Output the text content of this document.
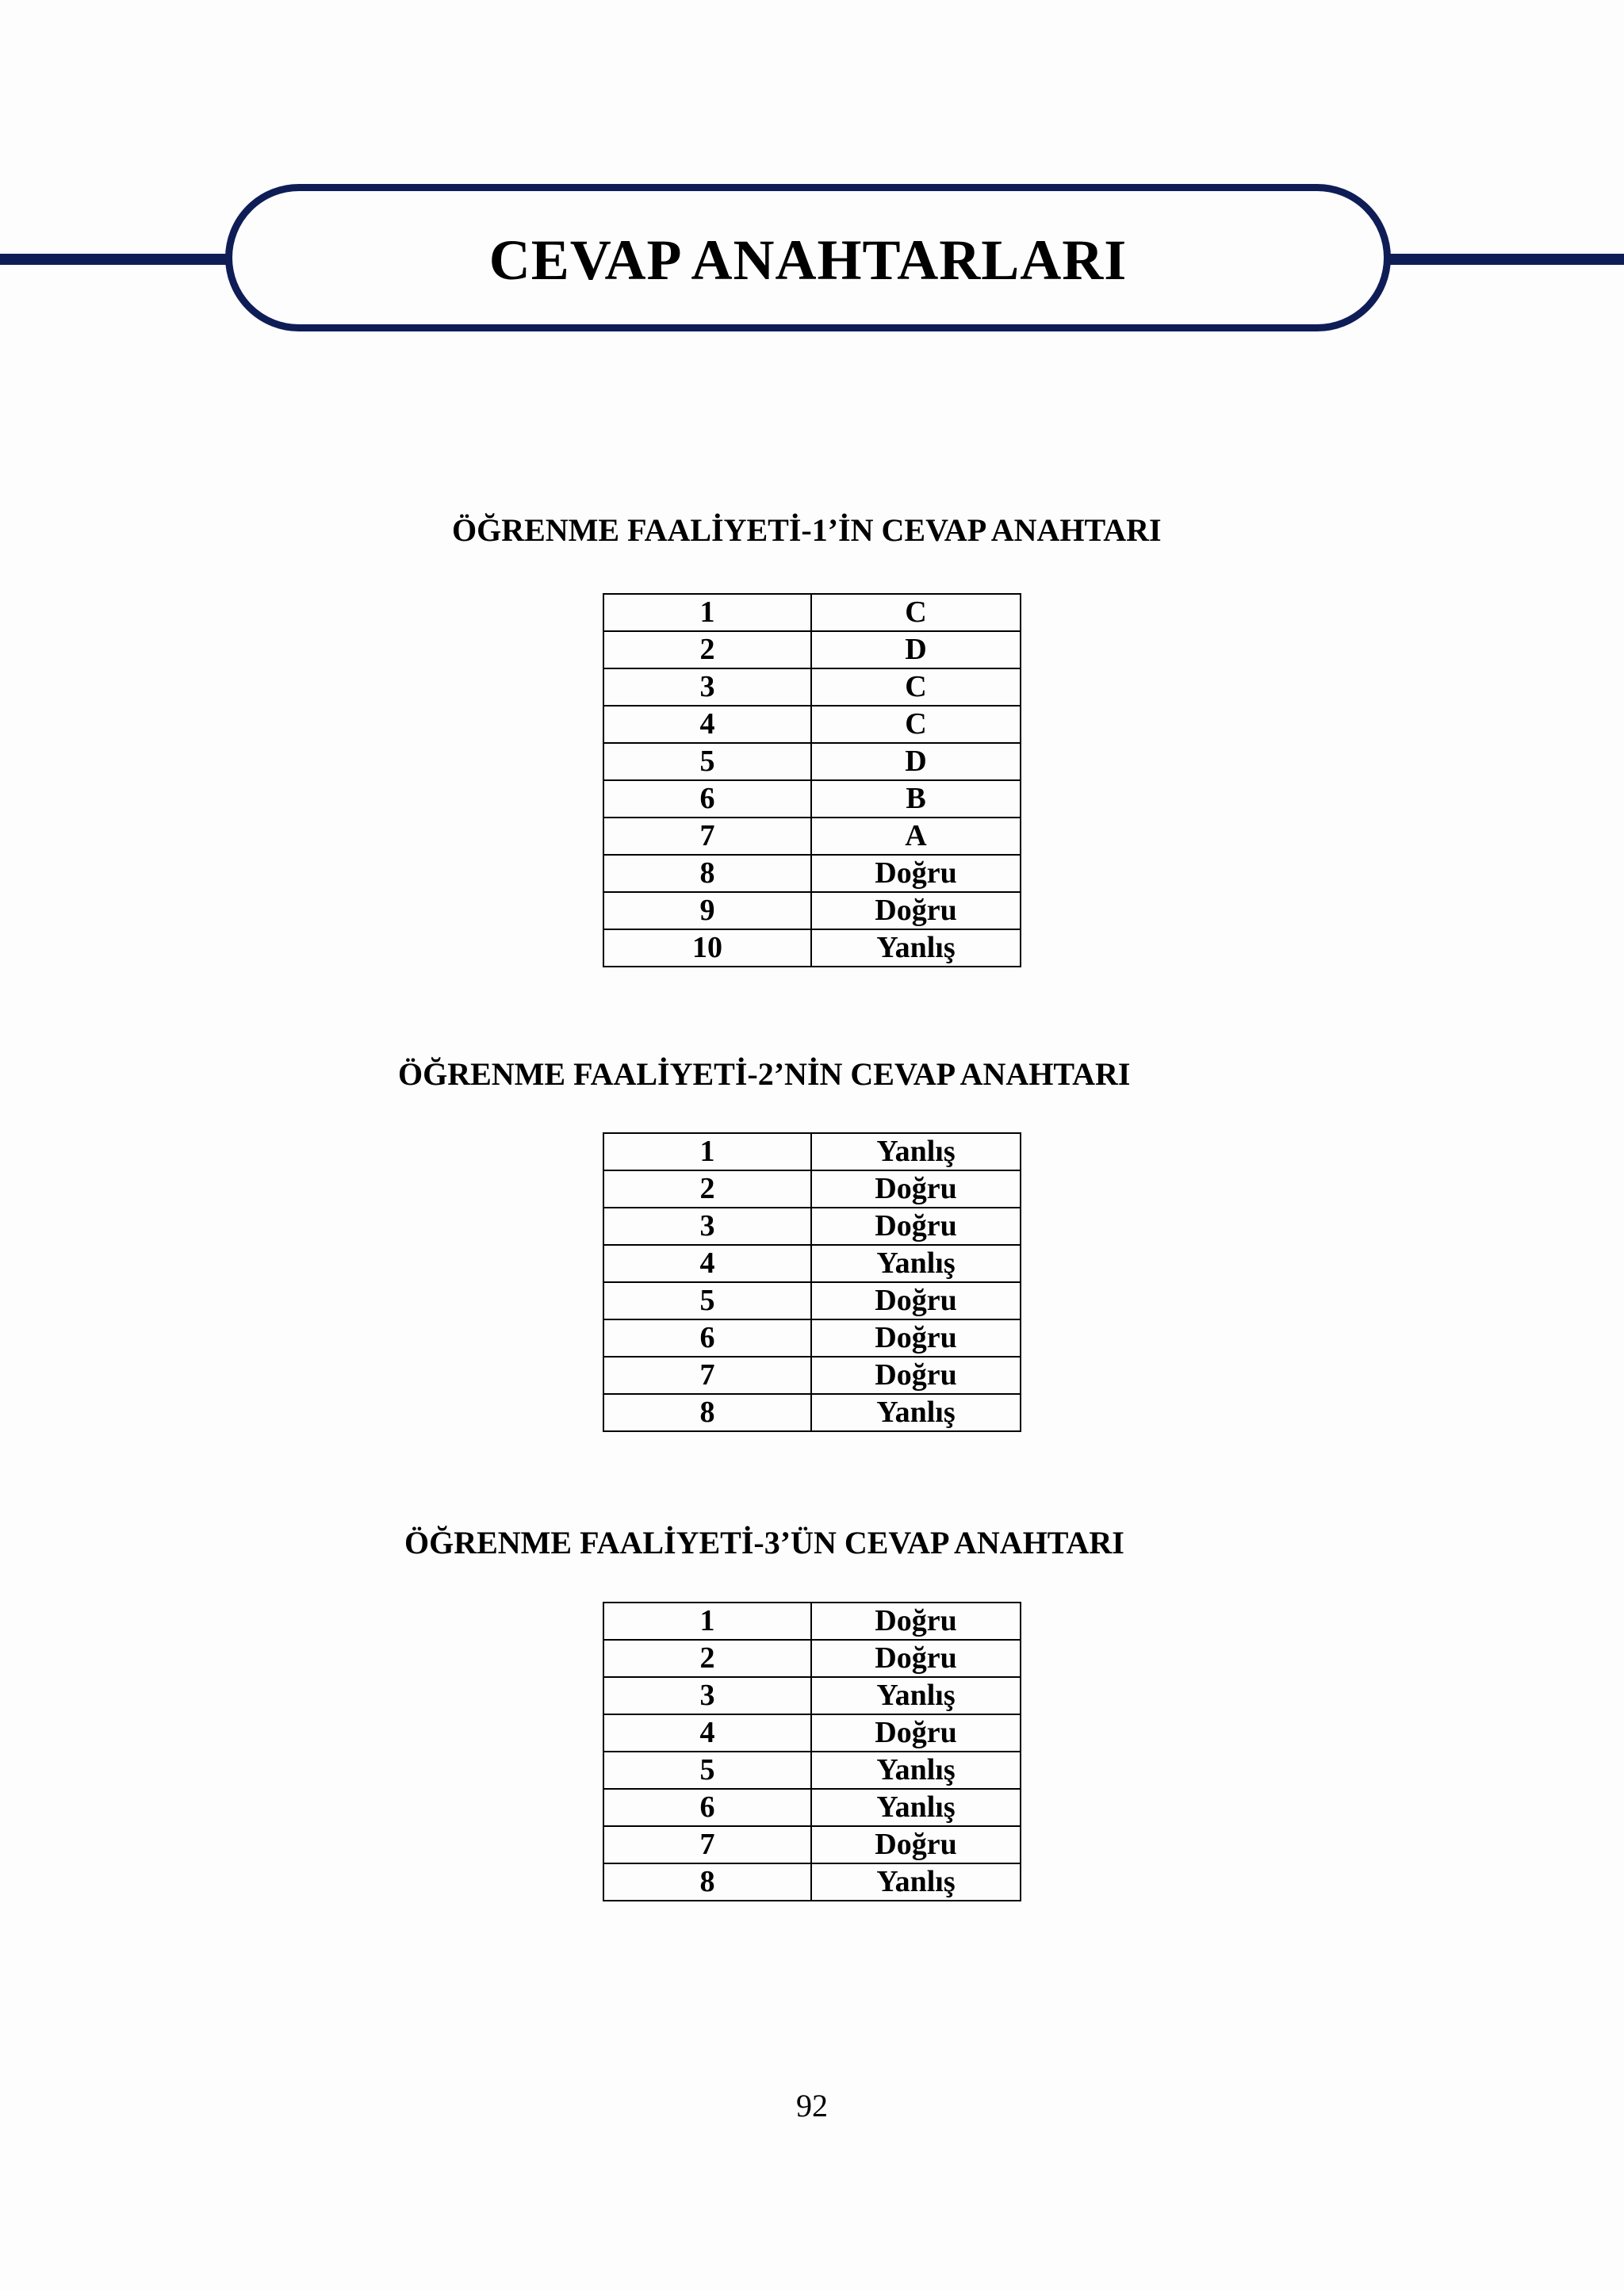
CEVAP ANAHTARLARI
ÖĞRENME FAALİYETİ-1’İN CEVAP ANAHTARI
1	C
2	D
3	C
4	C
5	D
6	B
7	A
8	Doğru
9	Doğru
10	Yanlış
ÖĞRENME FAALİYETİ-2’NİN CEVAP ANAHTARI
1	Yanlış
2	Doğru
3	Doğru
4	Yanlış
5	Doğru
6	Doğru
7	Doğru
8	Yanlış
ÖĞRENME FAALİYETİ-3’ÜN CEVAP ANAHTARI
1	Doğru
2	Doğru
3	Yanlış
4	Doğru
5	Yanlış
6	Yanlış
7	Doğru
8	Yanlış

92
